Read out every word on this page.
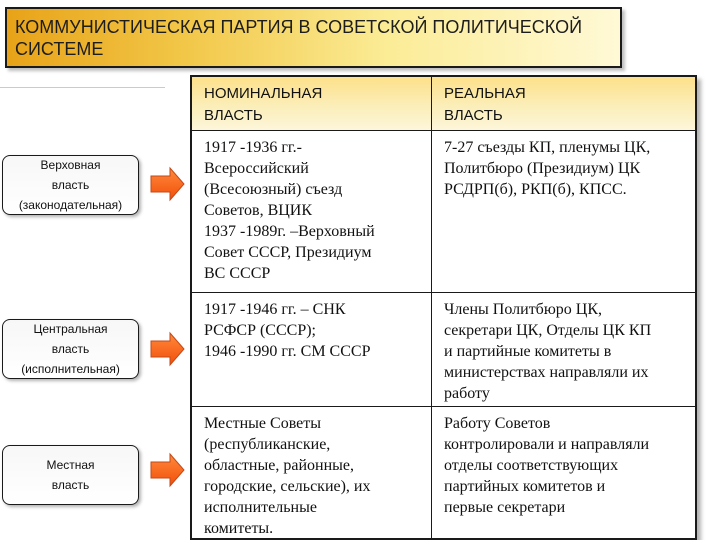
КОММУНИСТИЧЕСКАЯ ПАРТИЯ В СОВЕТСКОЙ ПОЛИТИЧЕСКОЙ
СИСТЕМЕ
Верховная
власть
(законодательная)
Центральная
власть
(исполнительная)
Местная
власть
НОМИНАЛЬНАЯ
ВЛАСТЬ
РЕАЛЬНАЯ
ВЛАСТЬ
1917 -1936 гг.-
Всероссийский
(Всесоюзный) съезд
Советов, ВЦИК
1937 -1989г. –Верховный
Совет СССР, Президиум
ВС СССР
7-27 съезды КП, пленумы ЦК,
Политбюро (Президиум) ЦК
РСДРП(б), РКП(б), КПСС.
1917 -1946 гг. – СНК
РСФСР (СССР);
1946 -1990 гг. СМ СССР
Члены Политбюро ЦК,
секретари ЦК, Отделы ЦК КП
и партийные комитеты в
министерствах направляли их
работу
Местные Советы
(республиканские,
областные, районные,
городские, сельские), их
исполнительные
комитеты.
Работу Советов
контролировали и направляли
отделы соответствующих
партийных комитетов и
первые секретари
